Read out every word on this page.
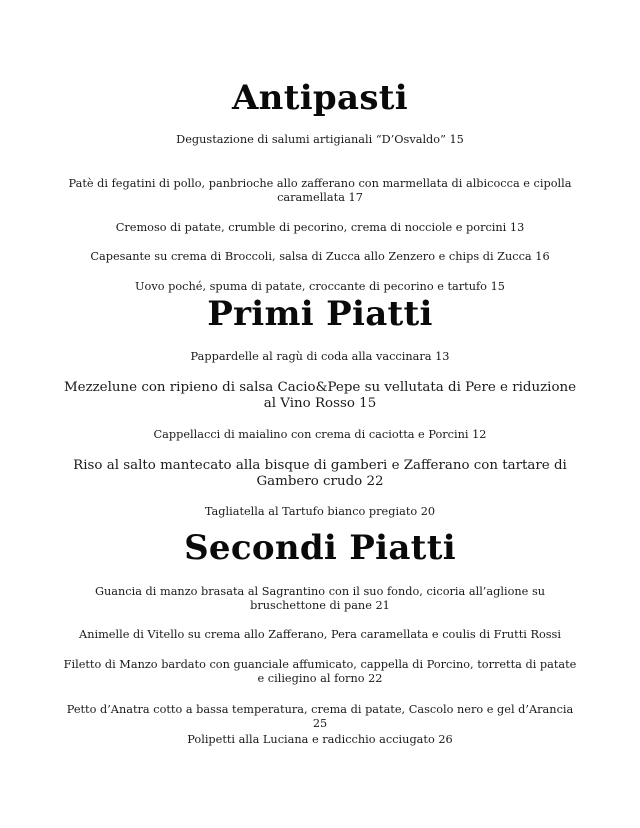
Antipasti
Degustazione di salumi artigianali “D’Osvaldo” 15
Patè di fegatini di pollo, panbrioche allo zafferano con marmellata di albicocca e cipolla caramellata 17
Cremoso di patate, crumble di pecorino, crema di nocciole e porcini 13
Capesante su crema di Broccoli, salsa di Zucca allo Zenzero e chips di Zucca 16
Uovo poché, spuma di patate, croccante di pecorino e tartufo 15
Primi Piatti
Pappardelle al ragù di coda alla vaccinara 13
Mezzelune con ripieno di salsa Cacio&Pepe su vellutata di Pere e riduzione al Vino Rosso 15
Cappellacci di maialino con crema di caciotta e Porcini 12
Riso al salto mantecato alla bisque di gamberi e Zafferano con tartare di Gambero crudo 22
Tagliatella al Tartufo bianco pregiato 20
Secondi Piatti
Guancia di manzo brasata al Sagrantino con il suo fondo, cicoria all’aglione su bruschettone di pane 21
Animelle di Vitello su crema allo Zafferano, Pera caramellata e coulis di Frutti Rossi
Filetto di Manzo bardato con guanciale affumicato, cappella di Porcino, torretta di patate e ciliegino al forno 22
Petto d’Anatra cotto a bassa temperatura, crema di patate, Cascolo nero e gel d’Arancia 25
Polipetti alla Luciana e radicchio acciugato 26
